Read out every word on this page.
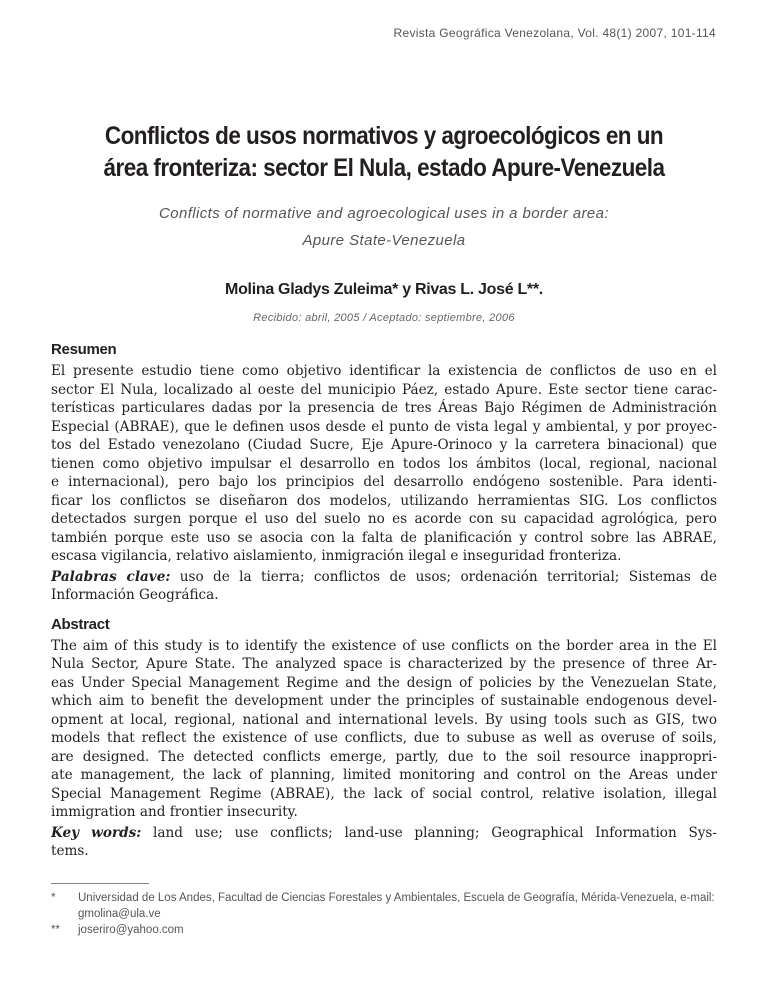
Revista Geográfica Venezolana, Vol. 48(1) 2007, 101-114
Conflictos de usos normativos y agroecológicos en un
área fronteriza: sector El Nula, estado Apure-Venezuela
Conflicts of normative and agroecological uses in a border area:
Apure State-Venezuela
Molina Gladys Zuleima* y Rivas L. José L**.
Recibido: abril, 2005 / Aceptado: septiembre, 2006
Resumen
El presente estudio tiene como objetivo identificar la existencia de conflictos de uso en el
sector El Nula, localizado al oeste del municipio Páez, estado Apure. Este sector tiene carac-
terísticas particulares dadas por la presencia de tres Áreas Bajo Régimen de Administración
Especial (ABRAE), que le definen usos desde el punto de vista legal y ambiental, y por proyec-
tos del Estado venezolano (Ciudad Sucre, Eje Apure-Orinoco y la carretera binacional) que
tienen como objetivo impulsar el desarrollo en todos los ámbitos (local, regional, nacional
e internacional), pero bajo los principios del desarrollo endógeno sostenible. Para identi-
ficar los conflictos se diseñaron dos modelos, utilizando herramientas SIG. Los conflictos
detectados surgen porque el uso del suelo no es acorde con su capacidad agrológica, pero
también porque este uso se asocia con la falta de planificación y control sobre las ABRAE,
escasa vigilancia, relativo aislamiento, inmigración ilegal e inseguridad fronteriza.
Palabras clave: uso de la tierra; conflictos de usos; ordenación territorial; Sistemas de
Información Geográfica.
Abstract
The aim of this study is to identify the existence of use conflicts on the border area in the El
Nula Sector, Apure State. The analyzed space is characterized by the presence of three Ar-
eas Under Special Management Regime and the design of policies by the Venezuelan State,
which aim to benefit the development under the principles of sustainable endogenous devel-
opment at local, regional, national and international levels. By using tools such as GIS, two
models that reflect the existence of use conflicts, due to subuse as well as overuse of soils,
are designed. The detected conflicts emerge, partly, due to the soil resource inappropri-
ate management, the lack of planning, limited monitoring and control on the Areas under
Special Management Regime (ABRAE), the lack of social control, relative isolation, illegal
immigration and frontier insecurity.
Key words: land use; use conflicts; land-use planning; Geographical Information Sys-
tems.
* Universidad de Los Andes, Facultad de Ciencias Forestales y Ambientales, Escuela de Geografía, Mérida-Venezuela, e-mail: gmolina@ula.ve
** joseriro@yahoo.com
